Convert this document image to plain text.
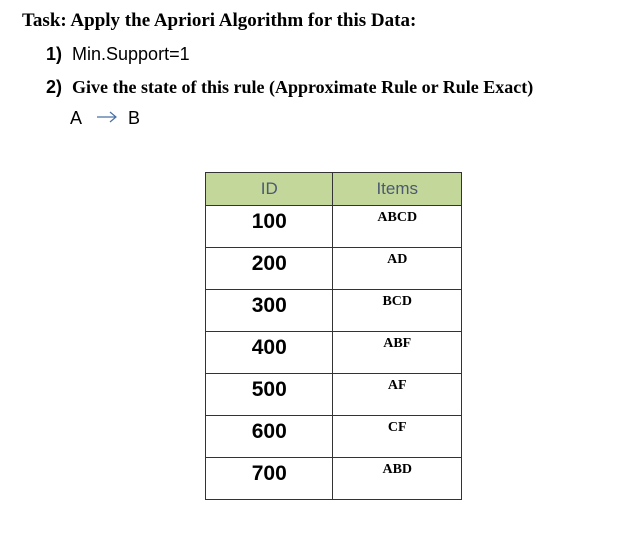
Task: Apply the Apriori Algorithm for this Data:
1) Min.Support=1
2) Give the state of this rule (Approximate Rule or Rule Exact)
A	B
ID	Items
100	ABCD
200	AD
300	BCD
400	ABF
500	AF
600	CF
700	ABD
